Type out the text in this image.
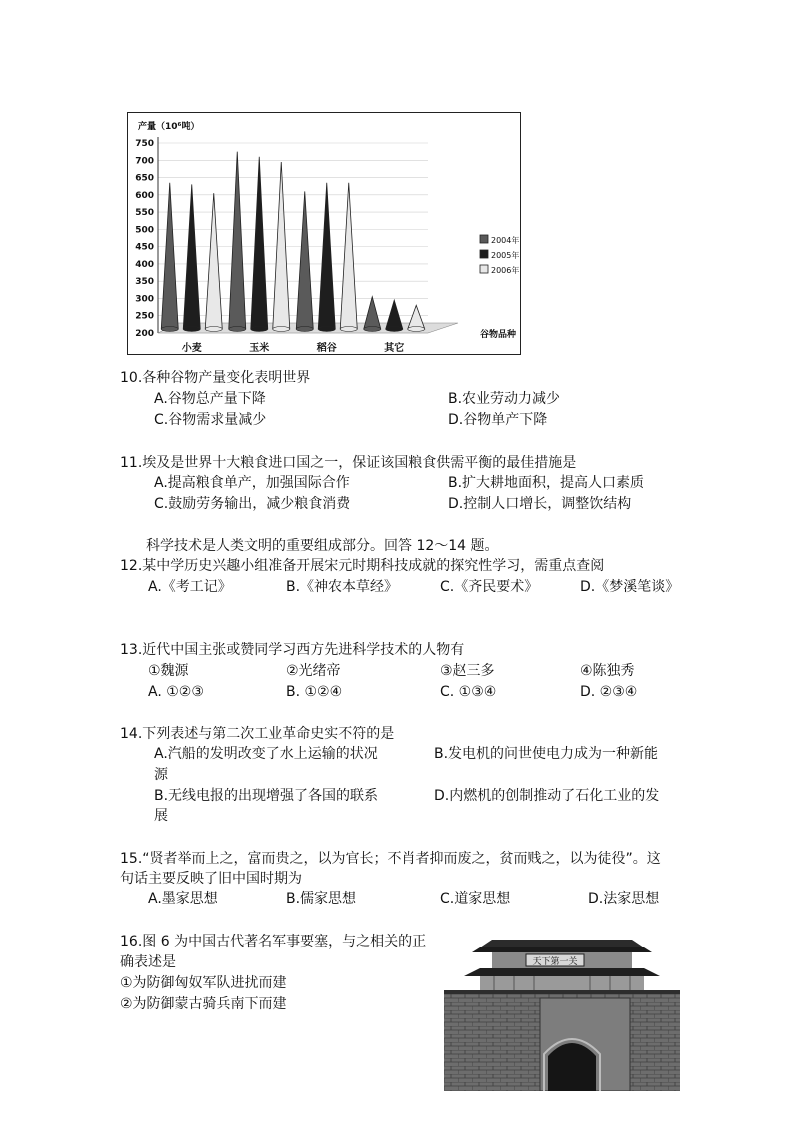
产量（10⁶吨）
200
250
300
350
400
450
500
550
600
650
700
750
小麦	玉米	稻谷	其它
谷物品种
2004年
2005年
2006年
10.各种谷物产量变化表明世界
A.谷物总产量下降	B.农业劳动力减少
C.谷物需求量减少	D.谷物单产下降
11.埃及是世界十大粮食进口国之一，保证该国粮食供需平衡的最佳措施是
A.提高粮食单产，加强国际合作	B.扩大耕地面积，提高人口素质
C.鼓励劳务输出，减少粮食消费	D.控制人口增长，调整饮结构
科学技术是人类文明的重要组成部分。回答 12～14 题。
12.某中学历史兴趣小组准备开展宋元时期科技成就的探究性学习，需重点查阅
A.《考工记》	B.《神农本草经》	C.《齐民要术》	D.《梦溪笔谈》
13.近代中国主张或赞同学习西方先进科学技术的人物有
①魏源	②光绪帝	③赵三多	④陈独秀
A. ①②③	B. ①②④	C. ①③④	D. ②③④
14.下列表述与第二次工业革命史实不符的是
A.汽船的发明改变了水上运输的状况	B.发电机的问世使电力成为一种新能
源
B.无线电报的出现增强了各国的联系	D.内燃机的创制推动了石化工业的发
展
15.“贤者举而上之，富而贵之，以为官长；不肖者抑而废之，贫而贱之，以为徒役”。这
句话主要反映了旧中国时期为
A.墨家思想	B.儒家思想	C.道家思想	D.法家思想
16.图 6 为中国古代著名军事要塞，与之相关的正
确表述是
①为防御匈奴军队进扰而建
②为防御蒙古骑兵南下而建
天下第一关
